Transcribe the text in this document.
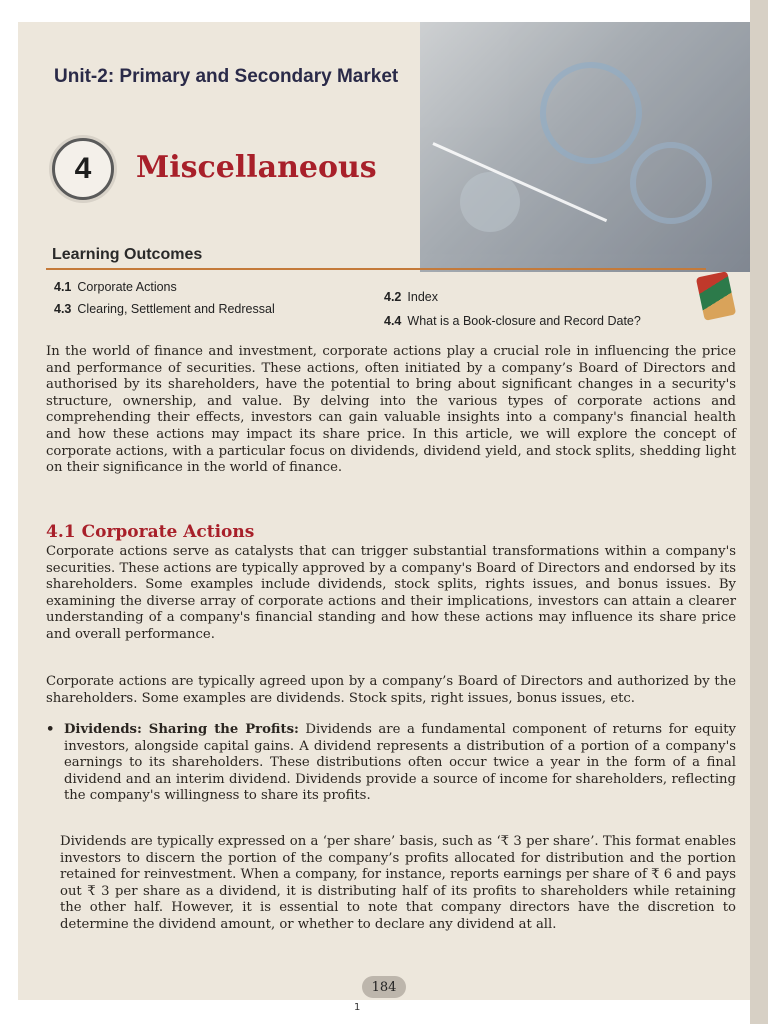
Unit-2: Primary and Secondary Market
4	Miscellaneous
Learning Outcomes
4.1 Corporate Actions
4.2 Index
4.3 Clearing, Settlement and Redressal
4.4 What is a Book-closure and Record Date?

In the world of finance and investment, corporate actions play a crucial role in influencing the price and performance of securities. These actions, often initiated by a company’s Board of Directors and authorised by its shareholders, have the potential to bring about significant changes in a security's structure, ownership, and value. By delving into the various types of corporate actions and comprehending their effects, investors can gain valuable insights into a company's financial health and how these actions may impact its share price. In this article, we will explore the concept of corporate actions, with a particular focus on dividends, dividend yield, and stock splits, shedding light on their significance in the world of finance.

4.1 Corporate Actions

Corporate actions serve as catalysts that can trigger substantial transformations within a company's securities. These actions are typically approved by a company's Board of Directors and endorsed by its shareholders. Some examples include dividends, stock splits, rights issues, and bonus issues. By examining the diverse array of corporate actions and their implications, investors can attain a clearer understanding of a company's financial standing and how these actions may influence its share price and overall performance.

Corporate actions are typically agreed upon by a company’s Board of Directors and authorized by the shareholders. Some examples are dividends. Stock spits, right issues, bonus issues, etc.

• Dividends: Sharing the Profits: Dividends are a fundamental component of returns for equity investors, alongside capital gains. A dividend represents a distribution of a portion of a company's earnings to its shareholders. These distributions often occur twice a year in the form of a final dividend and an interim dividend. Dividends provide a source of income for shareholders, reflecting the company's willingness to share its profits.

Dividends are typically expressed on a ‘per share’ basis, such as ‘₹ 3 per share’. This format enables investors to discern the portion of the company’s profits allocated for distribution and the portion retained for reinvestment. When a company, for instance, reports earnings per share of ₹ 6 and pays out ₹ 3 per share as a dividend, it is distributing half of its profits to shareholders while retaining the other half. However, it is essential to note that company directors have the discretion to determine the dividend amount, or whether to declare any dividend at all.

184
1
